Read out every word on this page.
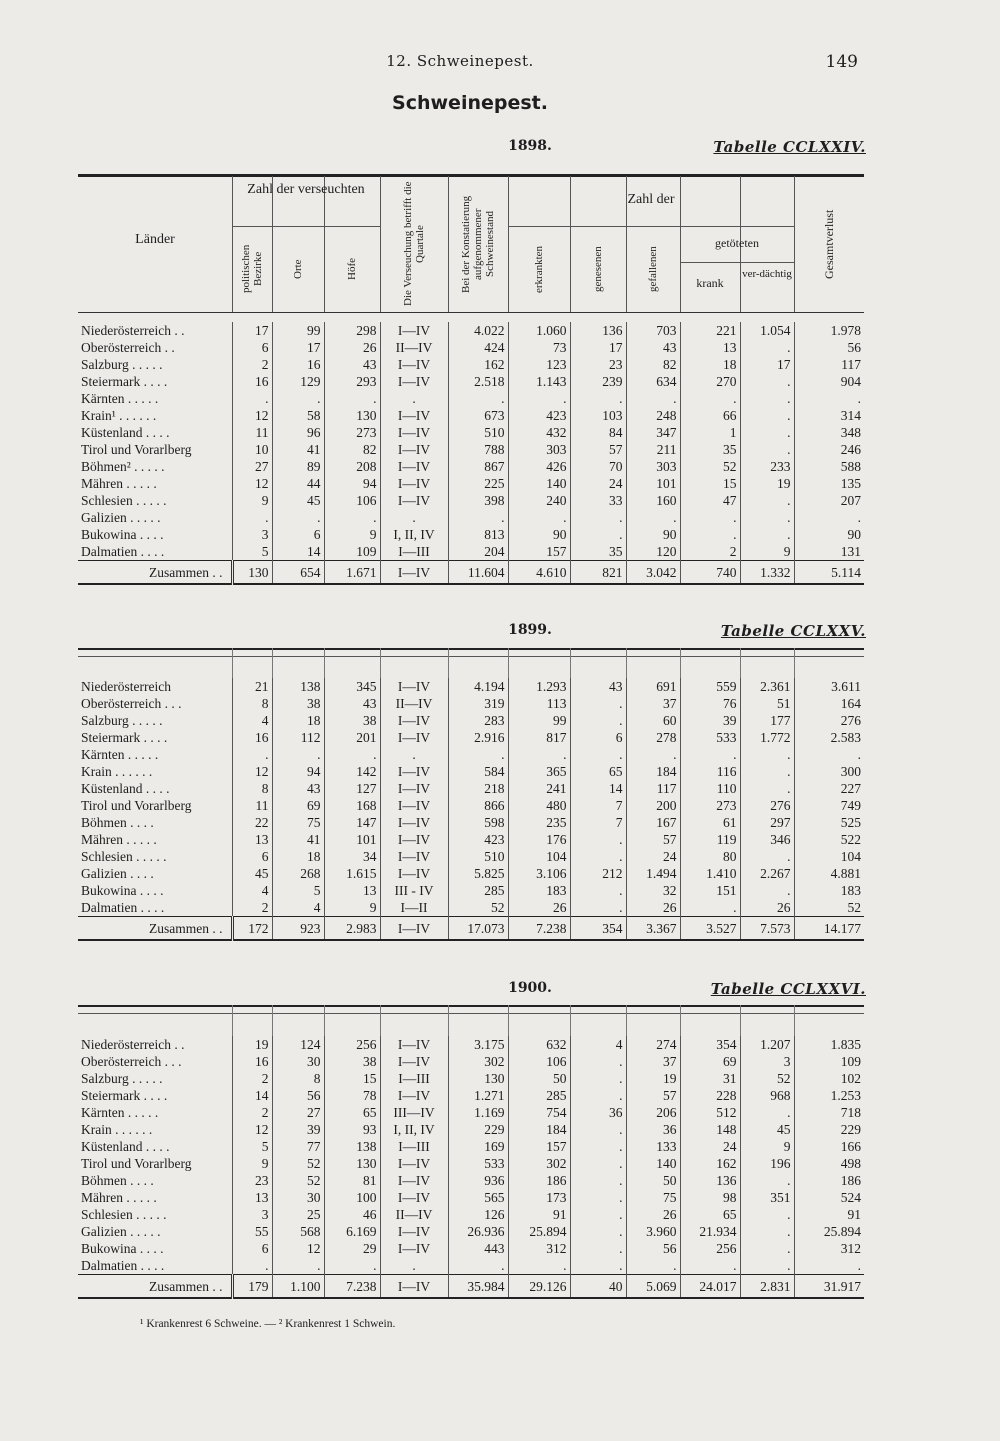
12. Schweinepest.	149
Schweinepest.
1898.	Tabelle CCLXXIV.
1899.	Tabelle CCLXXV.
1900.	Tabelle CCLXXVI.
Länder
Zahl der verseuchten
politischen Bezirke	Orte	Höfe	Die Verseuchung betrifft die Quartale	Bei der Konstatierung aufgenommener Schweinestand
Zahl der
erkrankten	genesenen	gefallenen
getöteten
krank
ver-dächtig	Gesamtverlust
Niederösterreich . .	17	99	298	I—IV	4.022	1.060	136	703	221	1.054	1.978
Oberösterreich . .	6	17	26	II—IV	424	73	17	43	13	.	56
Salzburg . . . . .	2	16	43	I—IV	162	123	23	82	18	17	117
Steiermark . . . .	16	129	293	I—IV	2.518	1.143	239	634	270	.	904
Kärnten . . . . .	.	.	.	.	.	.	.	.	.	.	.
Krain¹ . . . . . .	12	58	130	I—IV	673	423	103	248	66	.	314
Küstenland . . . .	11	96	273	I—IV	510	432	84	347	1	.	348
Tirol und Vorarlberg	10	41	82	I—IV	788	303	57	211	35	.	246
Böhmen² . . . . .	27	89	208	I—IV	867	426	70	303	52	233	588
Mähren . . . . .	12	44	94	I—IV	225	140	24	101	15	19	135
Schlesien . . . . .	9	45	106	I—IV	398	240	33	160	47	.	207
Galizien . . . . .	.	.	.	.	.	.	.	.	.	.	.
Bukowina . . . .	3	6	9	I, II, IV	813	90	.	90	.	.	90
Dalmatien . . . .	5	14	109	I—III	204	157	35	120	2	9	131
Zusammen . .	130	654	1.671	I—IV	11.604	4.610	821	3.042	740	1.332	5.114
Niederösterreich	21	138	345	I—IV	4.194	1.293	43	691	559	2.361	3.611
Oberösterreich . . .	8	38	43	II—IV	319	113	.	37	76	51	164
Salzburg . . . . .	4	18	38	I—IV	283	99	.	60	39	177	276
Steiermark . . . .	16	112	201	I—IV	2.916	817	6	278	533	1.772	2.583
Kärnten . . . . .	.	.	.	.	.	.	.	.	.	.	.
Krain . . . . . .	12	94	142	I—IV	584	365	65	184	116	.	300
Küstenland . . . .	8	43	127	I—IV	218	241	14	117	110	.	227
Tirol und Vorarlberg	11	69	168	I—IV	866	480	7	200	273	276	749
Böhmen . . . .	22	75	147	I—IV	598	235	7	167	61	297	525
Mähren . . . . .	13	41	101	I—IV	423	176	.	57	119	346	522
Schlesien . . . . .	6	18	34	I—IV	510	104	.	24	80	.	104
Galizien . . . .	45	268	1.615	I—IV	5.825	3.106	212	1.494	1.410	2.267	4.881
Bukowina . . . .	4	5	13	III - IV	285	183	.	32	151	.	183
Dalmatien . . . .	2	4	9	I—II	52	26	.	26	.	26	52
Zusammen . .	172	923	2.983	I—IV	17.073	7.238	354	3.367	3.527	7.573	14.177
Niederösterreich . .	19	124	256	I—IV	3.175	632	4	274	354	1.207	1.835
Oberösterreich . . .	16	30	38	I—IV	302	106	.	37	69	3	109
Salzburg . . . . .	2	8	15	I—III	130	50	.	19	31	52	102
Steiermark . . . .	14	56	78	I—IV	1.271	285	.	57	228	968	1.253
Kärnten . . . . .	2	27	65	III—IV	1.169	754	36	206	512	.	718
Krain . . . . . .	12	39	93	I, II, IV	229	184	.	36	148	45	229
Küstenland . . . .	5	77	138	I—III	169	157	.	133	24	9	166
Tirol und Vorarlberg	9	52	130	I—IV	533	302	.	140	162	196	498
Böhmen . . . .	23	52	81	I—IV	936	186	.	50	136	.	186
Mähren . . . . .	13	30	100	I—IV	565	173	.	75	98	351	524
Schlesien . . . . .	3	25	46	II—IV	126	91	.	26	65	.	91
Galizien . . . . .	55	568	6.169	I—IV	26.936	25.894	.	3.960	21.934	.	25.894
Bukowina . . . .	6	12	29	I—IV	443	312	.	56	256	.	312
Dalmatien . . . .	.	.	.	.	.	.	.	.	.	.	.
Zusammen . .	179	1.100	7.238	I—IV	35.984	29.126	40	5.069	24.017	2.831	31.917
¹ Krankenrest 6 Schweine. — ² Krankenrest 1 Schwein.
